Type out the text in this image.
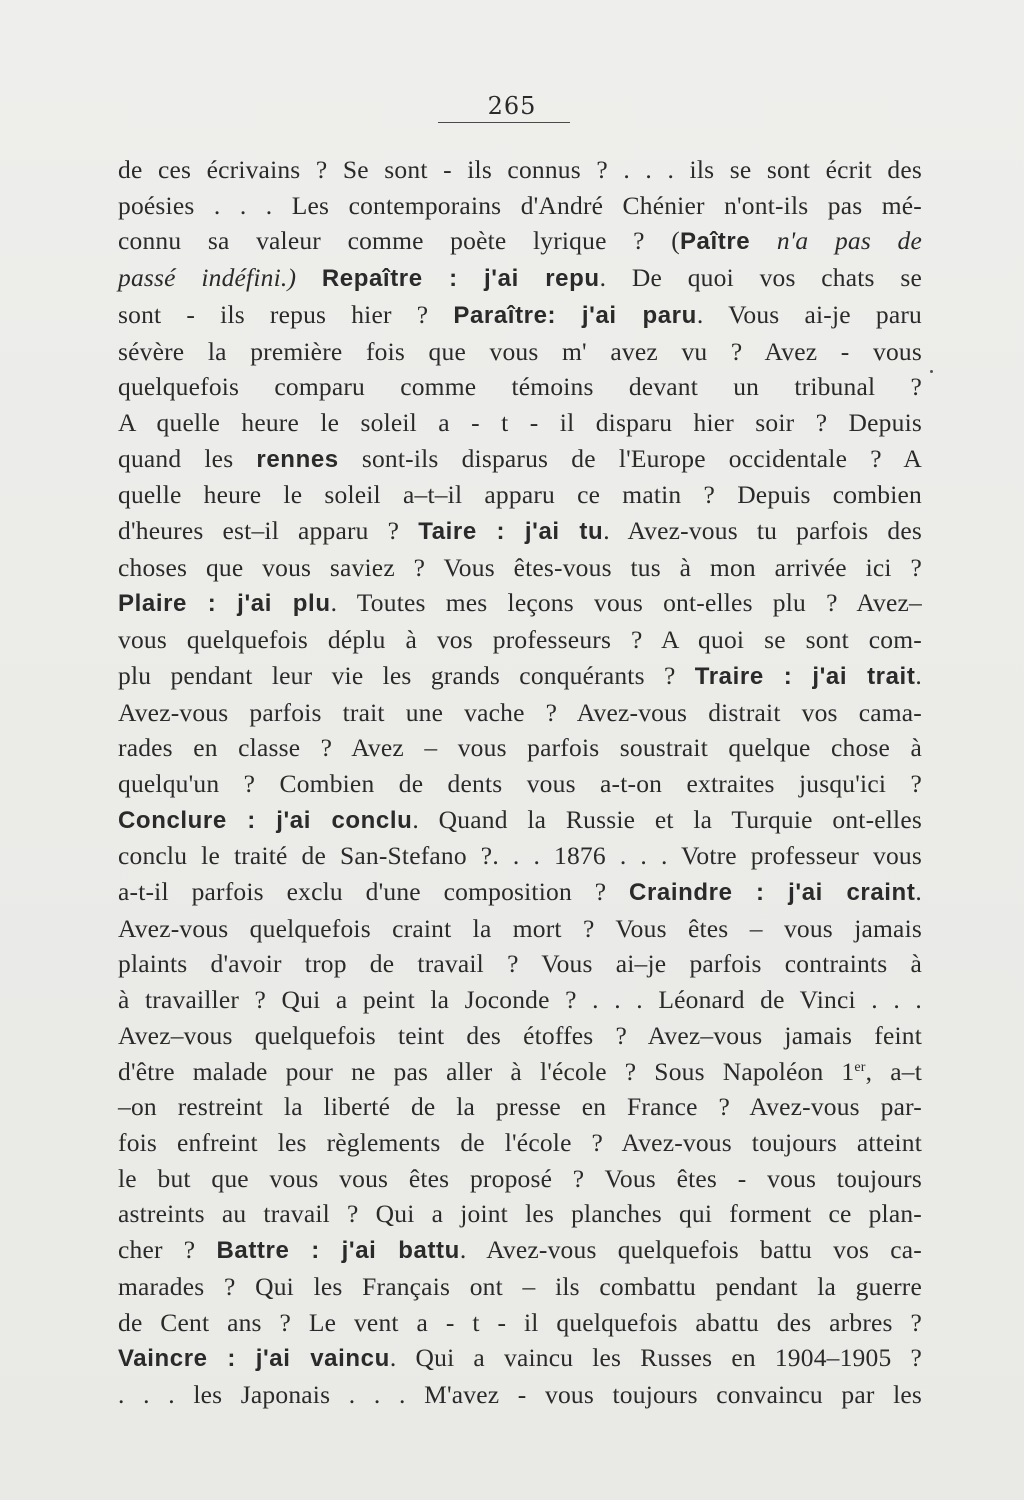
265
de ces écrivains ? Se sont - ils connus ? . . . ils se sont écrit des
poésies . . . Les contemporains d'André Chénier n'ont-ils pas mé-
connu sa valeur comme poète lyrique ? (Paître n'a pas de
passé indéfini.) Repaître : j'ai repu. De quoi vos chats se
sont - ils repus hier ? Paraître: j'ai paru. Vous ai-je paru
sévère la première fois que vous m' avez vu ? Avez - vous
quelquefois comparu comme témoins devant un tribunal ?
A quelle heure le soleil a - t - il disparu hier soir ? Depuis
quand les rennes sont-ils disparus de l'Europe occidentale ? A
quelle heure le soleil a–t–il apparu ce matin ? Depuis combien
d'heures est–il apparu ? Taire : j'ai tu. Avez-vous tu parfois des
choses que vous saviez ? Vous êtes-vous tus à mon arrivée ici ?
Plaire : j'ai plu. Toutes mes leçons vous ont-elles plu ? Avez–
vous quelquefois déplu à vos professeurs ? A quoi se sont com-
plu pendant leur vie les grands conquérants ? Traire : j'ai trait.
Avez-vous parfois trait une vache ? Avez-vous distrait vos cama-
rades en classe ? Avez – vous parfois soustrait quelque chose à
quelqu'un ? Combien de dents vous a-t-on extraites jusqu'ici ?
Conclure : j'ai conclu. Quand la Russie et la Turquie ont-elles
conclu le traité de San-Stefano ?. . . 1876 . . . Votre professeur vous
a-t-il parfois exclu d'une composition ? Craindre : j'ai craint.
Avez-vous quelquefois craint la mort ? Vous êtes – vous jamais
plaints d'avoir trop de travail ? Vous ai–je parfois contraints à
à travailler ? Qui a peint la Joconde ? . . . Léonard de Vinci . . .
Avez–vous quelquefois teint des étoffes ? Avez–vous jamais feint
d'être malade pour ne pas aller à l'école ? Sous Napoléon 1er, a–t
–on restreint la liberté de la presse en France ? Avez-vous par-
fois enfreint les règlements de l'école ? Avez-vous toujours atteint
le but que vous vous êtes proposé ? Vous êtes - vous toujours
astreints au travail ? Qui a joint les planches qui forment ce plan-
cher ? Battre : j'ai battu. Avez-vous quelquefois battu vos ca-
marades ? Qui les Français ont – ils combattu pendant la guerre
de Cent ans ? Le vent a - t - il quelquefois abattu des arbres ?
Vaincre : j'ai vaincu. Qui a vaincu les Russes en 1904–1905 ?
. . . les Japonais . . . M'avez - vous toujours convaincu par les
